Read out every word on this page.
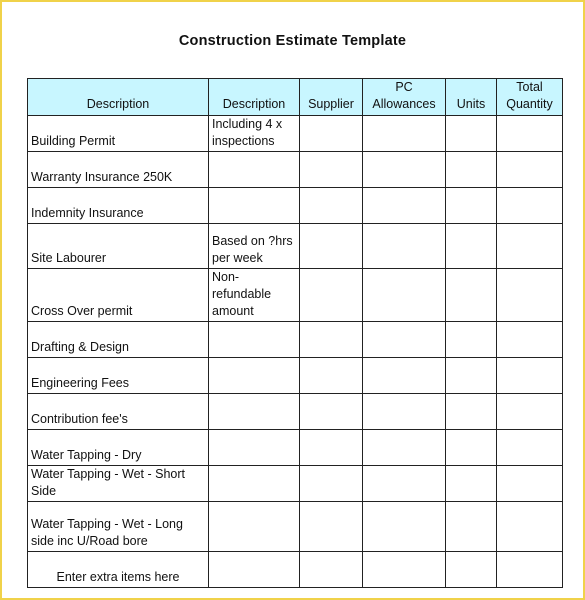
Construction Estimate Template
Description	Description	Supplier	PC Allowances	Units	Total Quantity
Building Permit	Including 4 x inspections				
Warranty Insurance 250K					
Indemnity Insurance					
Site Labourer	Based on ?hrs per week				
Cross Over permit	Non-refundable amount				
Drafting & Design					
Engineering Fees					
Contribution fee's					
Water Tapping - Dry					
Water Tapping - Wet - Short Side					
Water Tapping - Wet - Long side inc U/Road bore					
Enter extra items here					
